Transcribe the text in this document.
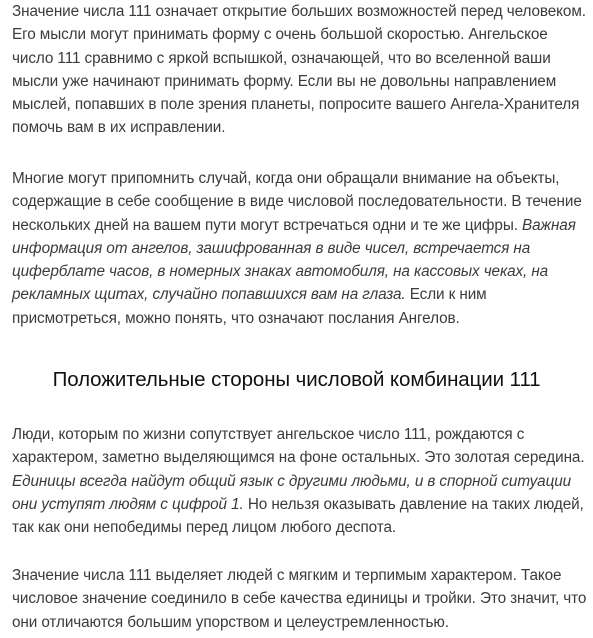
Значение числа 111 означает открытие больших возможностей перед человеком.
Его мысли могут принимать форму с очень большой скоростью. Ангельское
число 111 сравнимо с яркой вспышкой, означающей, что во вселенной ваши
мысли уже начинают принимать форму. Если вы не довольны направлением
мыслей, попавших в поле зрения планеты, попросите вашего Ангела-Хранителя
помочь вам в их исправлении.

Многие могут припомнить случай, когда они обращали внимание на объекты,
содержащие в себе сообщение в виде числовой последовательности. В течение
нескольких дней на вашем пути могут встречаться одни и те же цифры. Важная
информация от ангелов, зашифрованная в виде чисел, встречается на
циферблате часов, в номерных знаках автомобиля, на кассовых чеках, на
рекламных щитах, случайно попавшихся вам на глаза. Если к ним
присмотреться, можно понять, что означают послания Ангелов.

Положительные стороны числовой комбинации 111

Люди, которым по жизни сопутствует ангельское число 111, рождаются с
характером, заметно выделяющимся на фоне остальных. Это золотая середина.
Единицы всегда найдут общий язык с другими людьми, и в спорной ситуации
они уступят людям с цифрой 1. Но нельзя оказывать давление на таких людей,
так как они непобедимы перед лицом любого деспота.

Значение числа 111 выделяет людей с мягким и терпимым характером. Такое
числовое значение соединило в себе качества единицы и тройки. Это значит, что
они отличаются большим упорством и целеустремленностью.
